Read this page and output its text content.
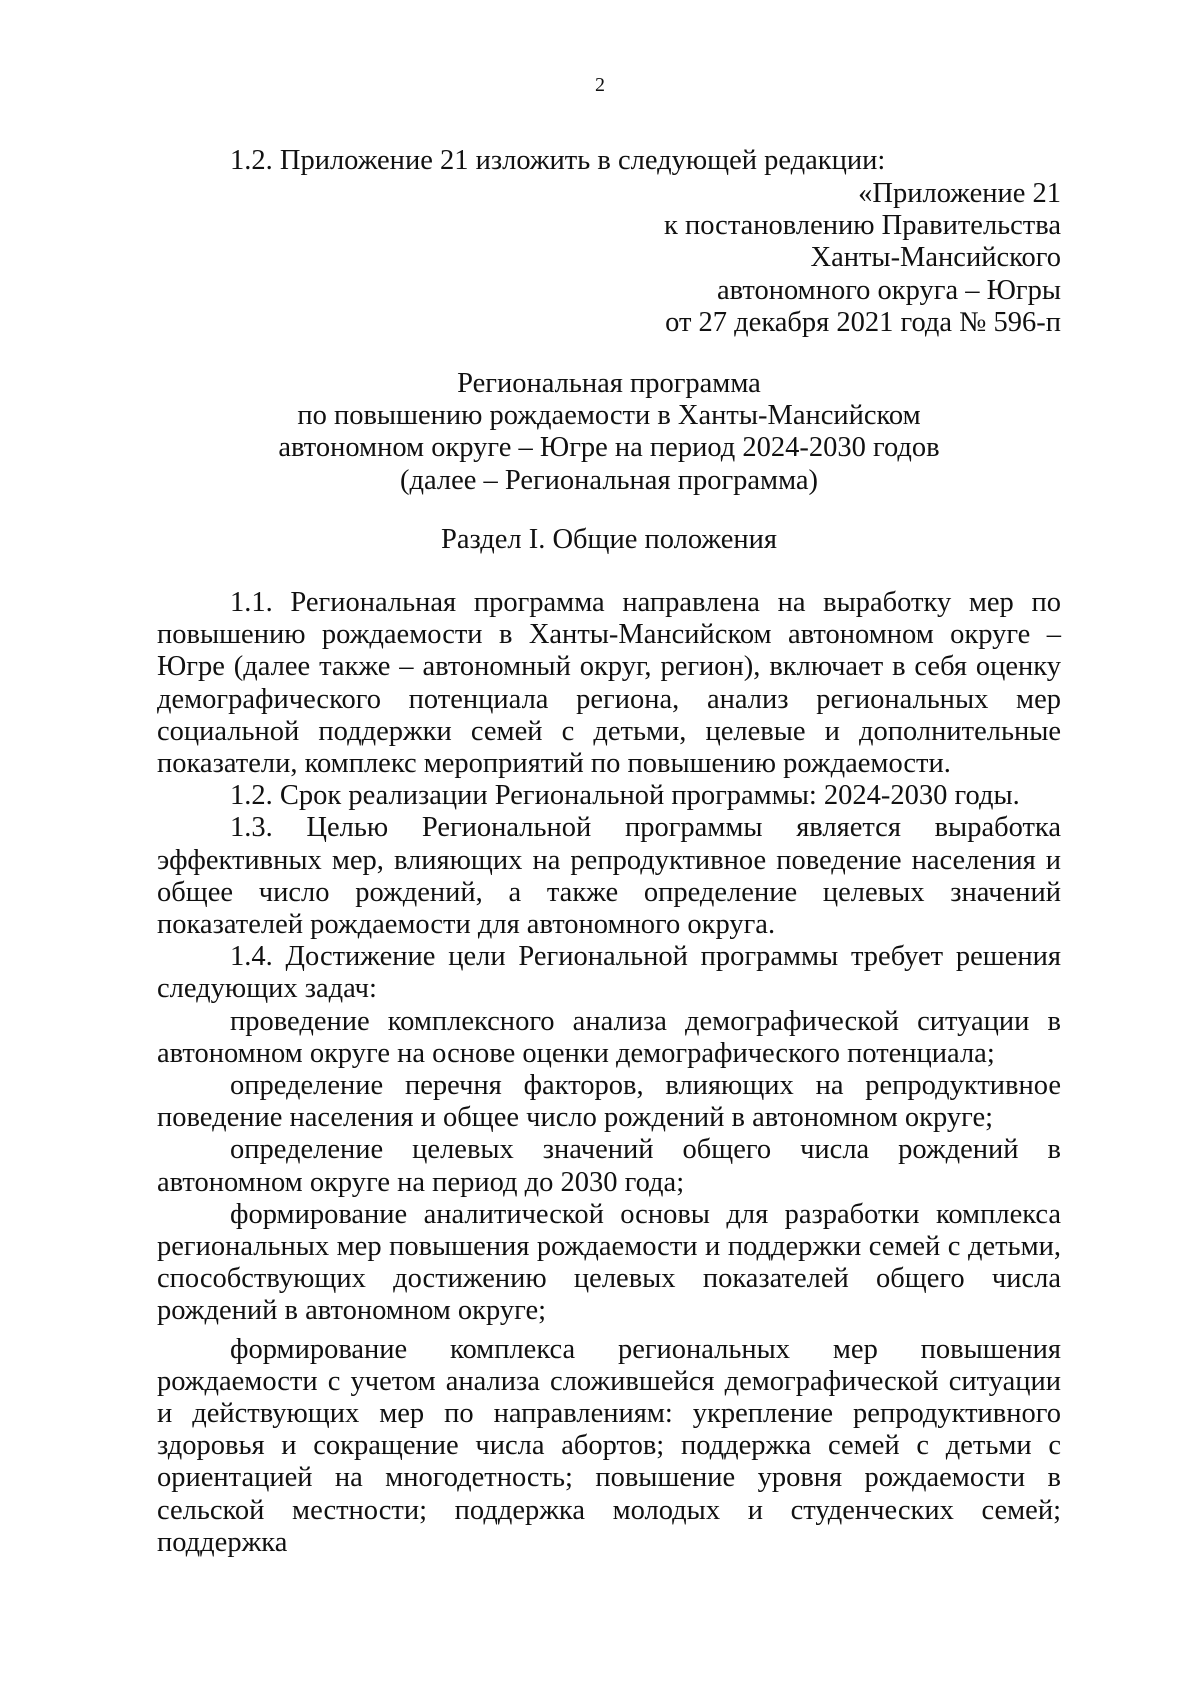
2
1.2. Приложение 21 изложить в следующей редакции:
«Приложение 21
к постановлению Правительства
Ханты-Мансийского
автономного округа – Югры
от 27 декабря 2021 года № 596-п
Региональная программа
по повышению рождаемости в Ханты-Мансийском
автономном округе – Югре на период 2024-2030 годов
(далее – Региональная программа)
Раздел I. Общие положения

1.1. Региональная программа направлена на выработку мер по повышению рождаемости в Ханты-Мансийском автономном округе – Югре (далее также – автономный округ, регион), включает в себя оценку демографического потенциала региона, анализ региональных мер социальной поддержки семей с детьми, целевые и дополнительные показатели, комплекс мероприятий по повышению рождаемости.

1.2. Срок реализации Региональной программы: 2024-2030 годы.

1.3. Целью Региональной программы является выработка эффективных мер, влияющих на репродуктивное поведение населения и общее число рождений, а также определение целевых значений показателей рождаемости для автономного округа.

1.4. Достижение цели Региональной программы требует решения следующих задач:

проведение комплексного анализа демографической ситуации в автономном округе на основе оценки демографического потенциала;

определение перечня факторов, влияющих на репродуктивное поведение населения и общее число рождений в автономном округе;

определение целевых значений общего числа рождений в автономном округе на период до 2030 года;

формирование аналитической основы для разработки комплекса региональных мер повышения рождаемости и поддержки семей с детьми, способствующих достижению целевых показателей общего числа рождений в автономном округе;

формирование комплекса региональных мер повышения рождаемости с учетом анализа сложившейся демографической ситуации и действующих мер по направлениям: укрепление репродуктивного здоровья и сокращение числа абортов; поддержка семей с детьми с ориентацией на многодетность; повышение уровня рождаемости в сельской местности; поддержка молодых и студенческих семей; поддержка
